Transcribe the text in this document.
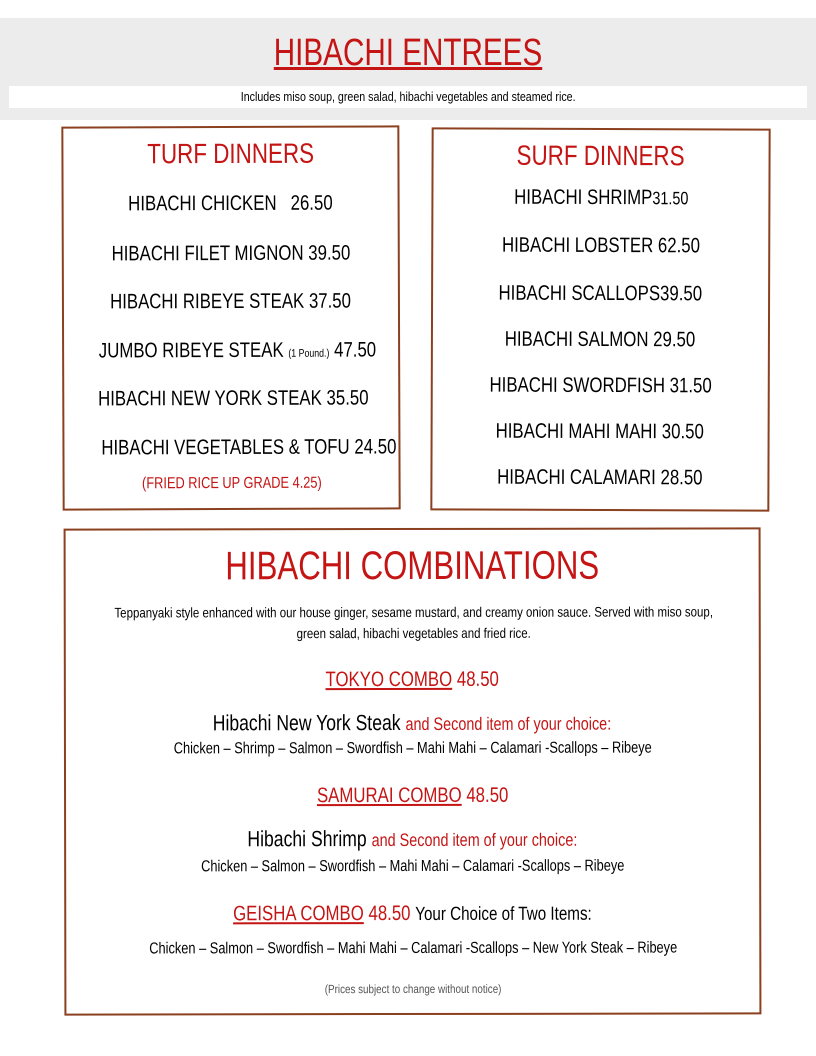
HIBACHI ENTREES
Includes miso soup, green salad, hibachi vegetables and steamed rice.
TURF DINNERS
HIBACHI CHICKEN 26.50
HIBACHI FILET MIGNON 39.50
HIBACHI RIBEYE STEAK 37.50
JUMBO RIBEYE STEAK (1 Pound.) 47.50
HIBACHI NEW YORK STEAK 35.50
HIBACHI VEGETABLES & TOFU 24.50
(FRIED RICE UP GRADE 4.25)
SURF DINNERS
HIBACHI SHRIMP31.50
HIBACHI LOBSTER 62.50
HIBACHI SCALLOPS39.50
HIBACHI SALMON 29.50
HIBACHI SWORDFISH 31.50
HIBACHI MAHI MAHI 30.50
HIBACHI CALAMARI 28.50
HIBACHI COMBINATIONS
Teppanyaki style enhanced with our house ginger, sesame mustard, and creamy onion sauce. Served with miso soup,
green salad, hibachi vegetables and fried rice.
TOKYO COMBO 48.50
Hibachi New York Steak and Second item of your choice:
Chicken – Shrimp – Salmon – Swordfish – Mahi Mahi – Calamari -Scallops – Ribeye
SAMURAI COMBO 48.50
Hibachi Shrimp and Second item of your choice:
Chicken – Salmon – Swordfish – Mahi Mahi – Calamari -Scallops – Ribeye
GEISHA COMBO 48.50 Your Choice of Two Items:
Chicken – Salmon – Swordfish – Mahi Mahi – Calamari -Scallops – New York Steak – Ribeye
(Prices subject to change without notice)
